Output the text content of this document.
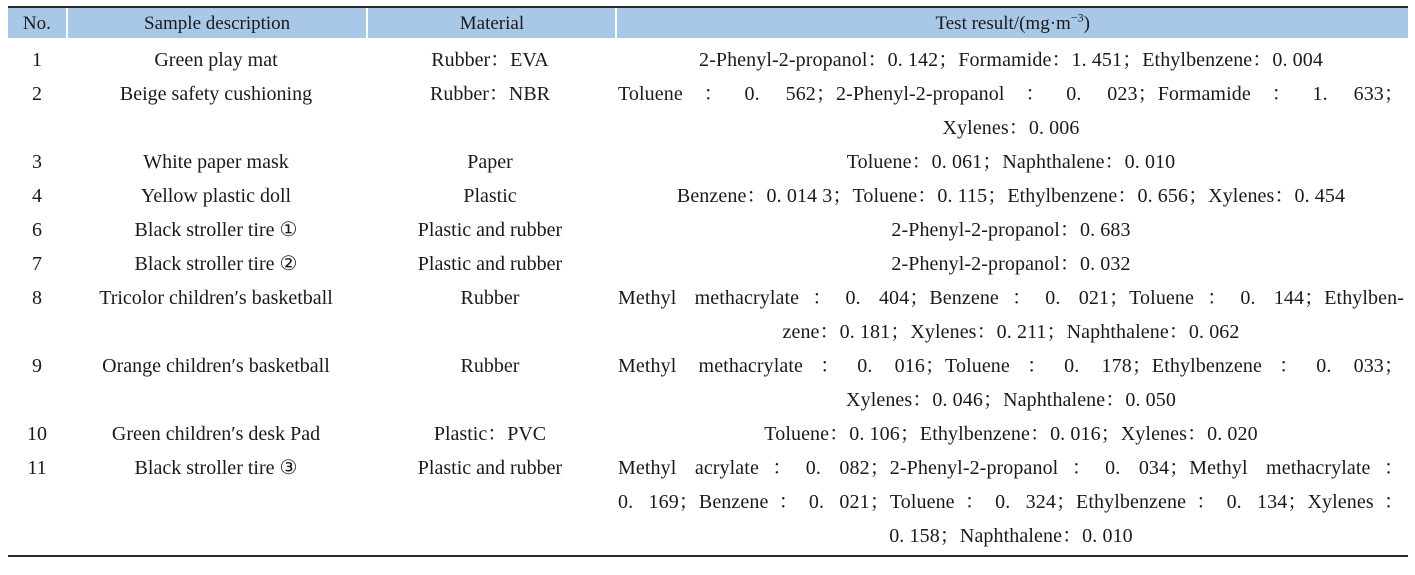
No.	Sample description	Material	Test result/$(mg\cdot m^{-3})$
1	Green play mat	Rubber：EVA	2-Phenyl-2-propanol：0. 142；Formamide：1. 451；Ethylbenzene：0. 004
2	Beige safety cushioning	Rubber：NBR	Toluene：0. 562；2-Phenyl-2-propanol：0. 023；Formamide：1. 633；
Xylenes：0. 006
3	White paper mask	Paper	Toluene：0. 061；Naphthalene：0. 010
4	Yellow plastic doll	Plastic	Benzene：0. 014 3；Toluene：0. 115；Ethylbenzene：0. 656；Xylenes：0. 454
6	Black stroller tire ①	Plastic and rubber	2-Phenyl-2-propanol：0. 683
7	Black stroller tire ②	Plastic and rubber	2-Phenyl-2-propanol：0. 032
8	Tricolor children′s basketball	Rubber	Methyl methacrylate：0. 404；Benzene：0. 021；Toluene：0. 144；Ethylben-
zene：0. 181；Xylenes：0. 211；Naphthalene：0. 062
9	Orange children′s basketball	Rubber	Methyl methacrylate：0. 016；Toluene：0. 178；Ethylbenzene：0. 033；
Xylenes：0. 046；Naphthalene：0. 050
10	Green children′s desk Pad	Plastic：PVC	Toluene：0. 106；Ethylbenzene：0. 016；Xylenes：0. 020
11	Black stroller tire ③	Plastic and rubber	Methyl acrylate：0. 082；2-Phenyl-2-propanol：0. 034；Methyl methacrylate：
0. 169；Benzene：0. 021；Toluene：0. 324；Ethylbenzene：0. 134；Xylenes：
0. 158；Naphthalene：0. 010
